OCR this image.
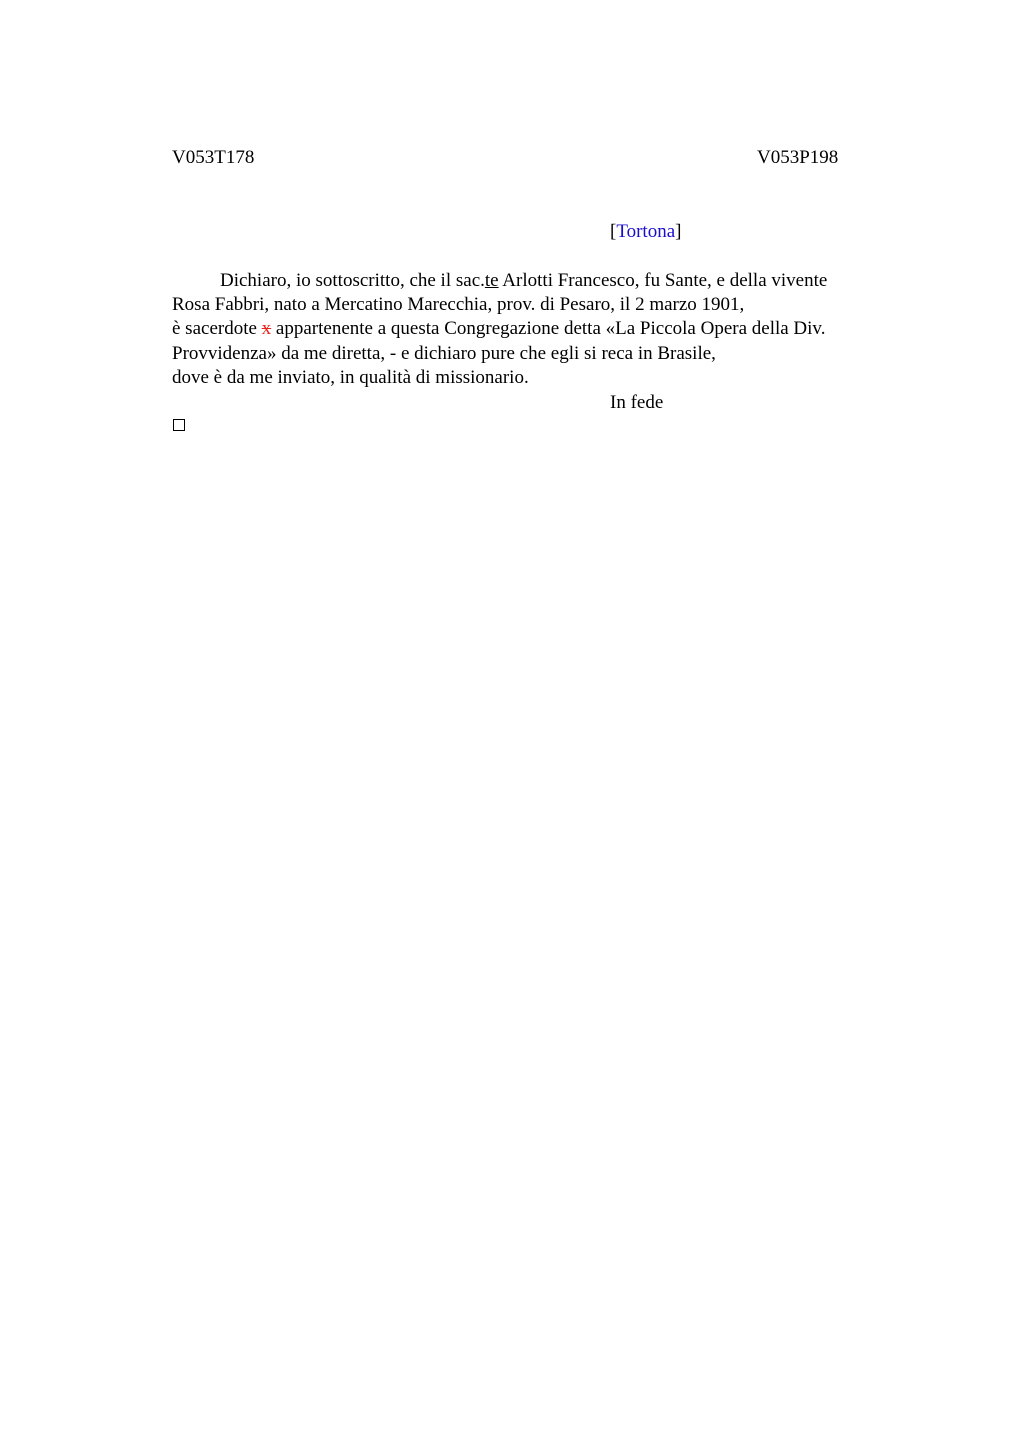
V053T178	V053P198
[Tortona]
Dichiaro, io sottoscritto, che il sac.te Arlotti Francesco, fu Sante, e della vivente
Rosa Fabbri, nato a Mercatino Marecchia, prov. di Pesaro, il 2 marzo 1901,
è sacerdote x appartenente a questa Congregazione detta «La Piccola Opera della Div.
Provvidenza» da me diretta, - e dichiaro pure che egli si reca in Brasile,
dove è da me inviato, in qualità di missionario.
In fede
